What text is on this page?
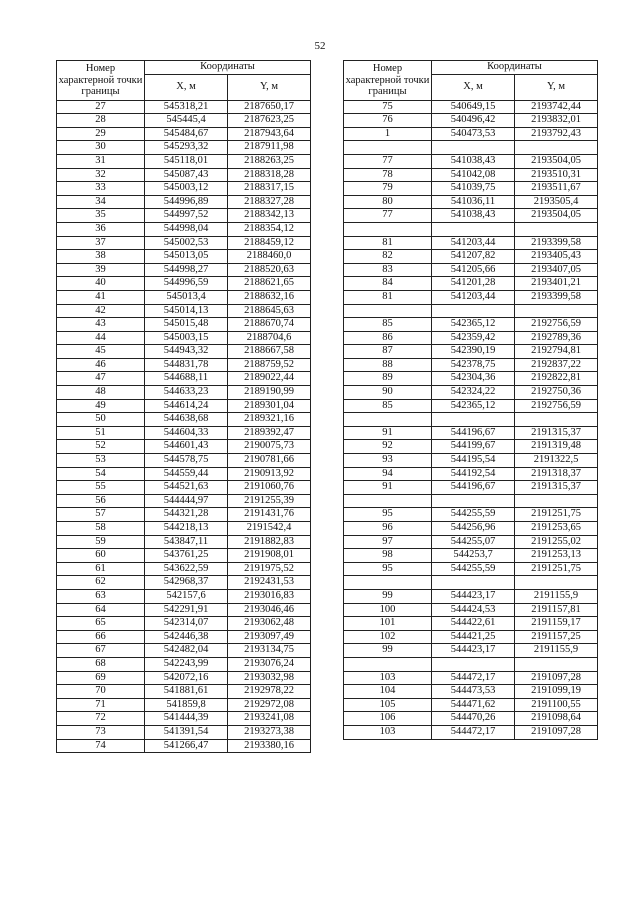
52
Номер характерной точки границы	Координаты	
	X, м	Y, м
27	545318,21	2187650,17
28	545445,4	2187623,25
29	545484,67	2187943,64
30	545293,32	2187911,98
31	545118,01	2188263,25
32	545087,43	2188318,28
33	545003,12	2188317,15
34	544996,89	2188327,28
35	544997,52	2188342,13
36	544998,04	2188354,12
37	545002,53	2188459,12
38	545013,05	2188460,0
39	544998,27	2188520,63
40	544996,59	2188621,65
41	545013,4	2188632,16
42	545014,13	2188645,63
43	545015,48	2188670,74
44	545003,15	2188704,6
45	544943,32	2188667,58
46	544831,78	2188759,52
47	544688,11	2189022,44
48	544633,23	2189190,99
49	544614,24	2189301,04
50	544638,68	2189321,16
51	544604,33	2189392,47
52	544601,43	2190075,73
53	544578,75	2190781,66
54	544559,44	2190913,92
55	544521,63	2191060,76
56	544444,97	2191255,39
57	544321,28	2191431,76
58	544218,13	2191542,4
59	543847,11	2191882,83
60	543761,25	2191908,01
61	543622,59	2191975,52
62	542968,37	2192431,53
63	542157,6	2193016,83
64	542291,91	2193046,46
65	542314,07	2193062,48
66	542446,38	2193097,49
67	542482,04	2193134,75
68	542243,99	2193076,24
69	542072,16	2193032,98
70	541881,61	2192978,22
71	541859,8	2192972,08
72	541444,39	2193241,08
73	541391,54	2193273,38
74	541266,47	2193380,16
Номер характерной точки границы	Координаты	
	X, м	Y, м
75	540649,15	2193742,44
76	540496,42	2193832,01
1	540473,53	2193792,43

77	541038,43	2193504,05
78	541042,08	2193510,31
79	541039,75	2193511,67
80	541036,11	2193505,4
77	541038,43	2193504,05

81	541203,44	2193399,58
82	541207,82	2193405,43
83	541205,66	2193407,05
84	541201,28	2193401,21
81	541203,44	2193399,58

85	542365,12	2192756,59
86	542359,42	2192789,36
87	542390,19	2192794,81
88	542378,75	2192837,22
89	542304,36	2192822,81
90	542324,22	2192750,36
85	542365,12	2192756,59

91	544196,67	2191315,37
92	544199,67	2191319,48
93	544195,54	2191322,5
94	544192,54	2191318,37
91	544196,67	2191315,37

95	544255,59	2191251,75
96	544256,96	2191253,65
97	544255,07	2191255,02
98	544253,7	2191253,13
95	544255,59	2191251,75

99	544423,17	2191155,9
100	544424,53	2191157,81
101	544422,61	2191159,17
102	544421,25	2191157,25
99	544423,17	2191155,9

103	544472,17	2191097,28
104	544473,53	2191099,19
105	544471,62	2191100,55
106	544470,26	2191098,64
103	544472,17	2191097,28
